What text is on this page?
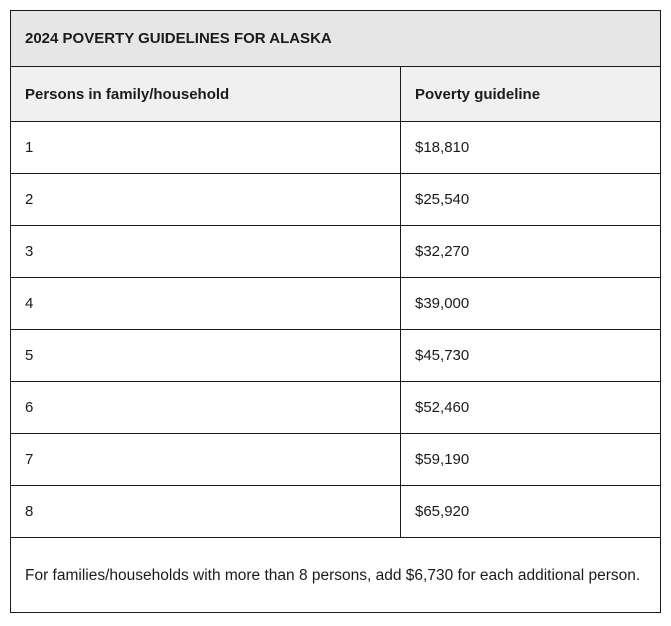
2024 POVERTY GUIDELINES FOR ALASKA	
Persons in family/household	Poverty guideline
1	$18,810
2	$25,540
3	$32,270
4	$39,000
5	$45,730
6	$52,460
7	$59,190
8	$65,920
For families/households with more than 8 persons, add $6,730 for each additional person.	
